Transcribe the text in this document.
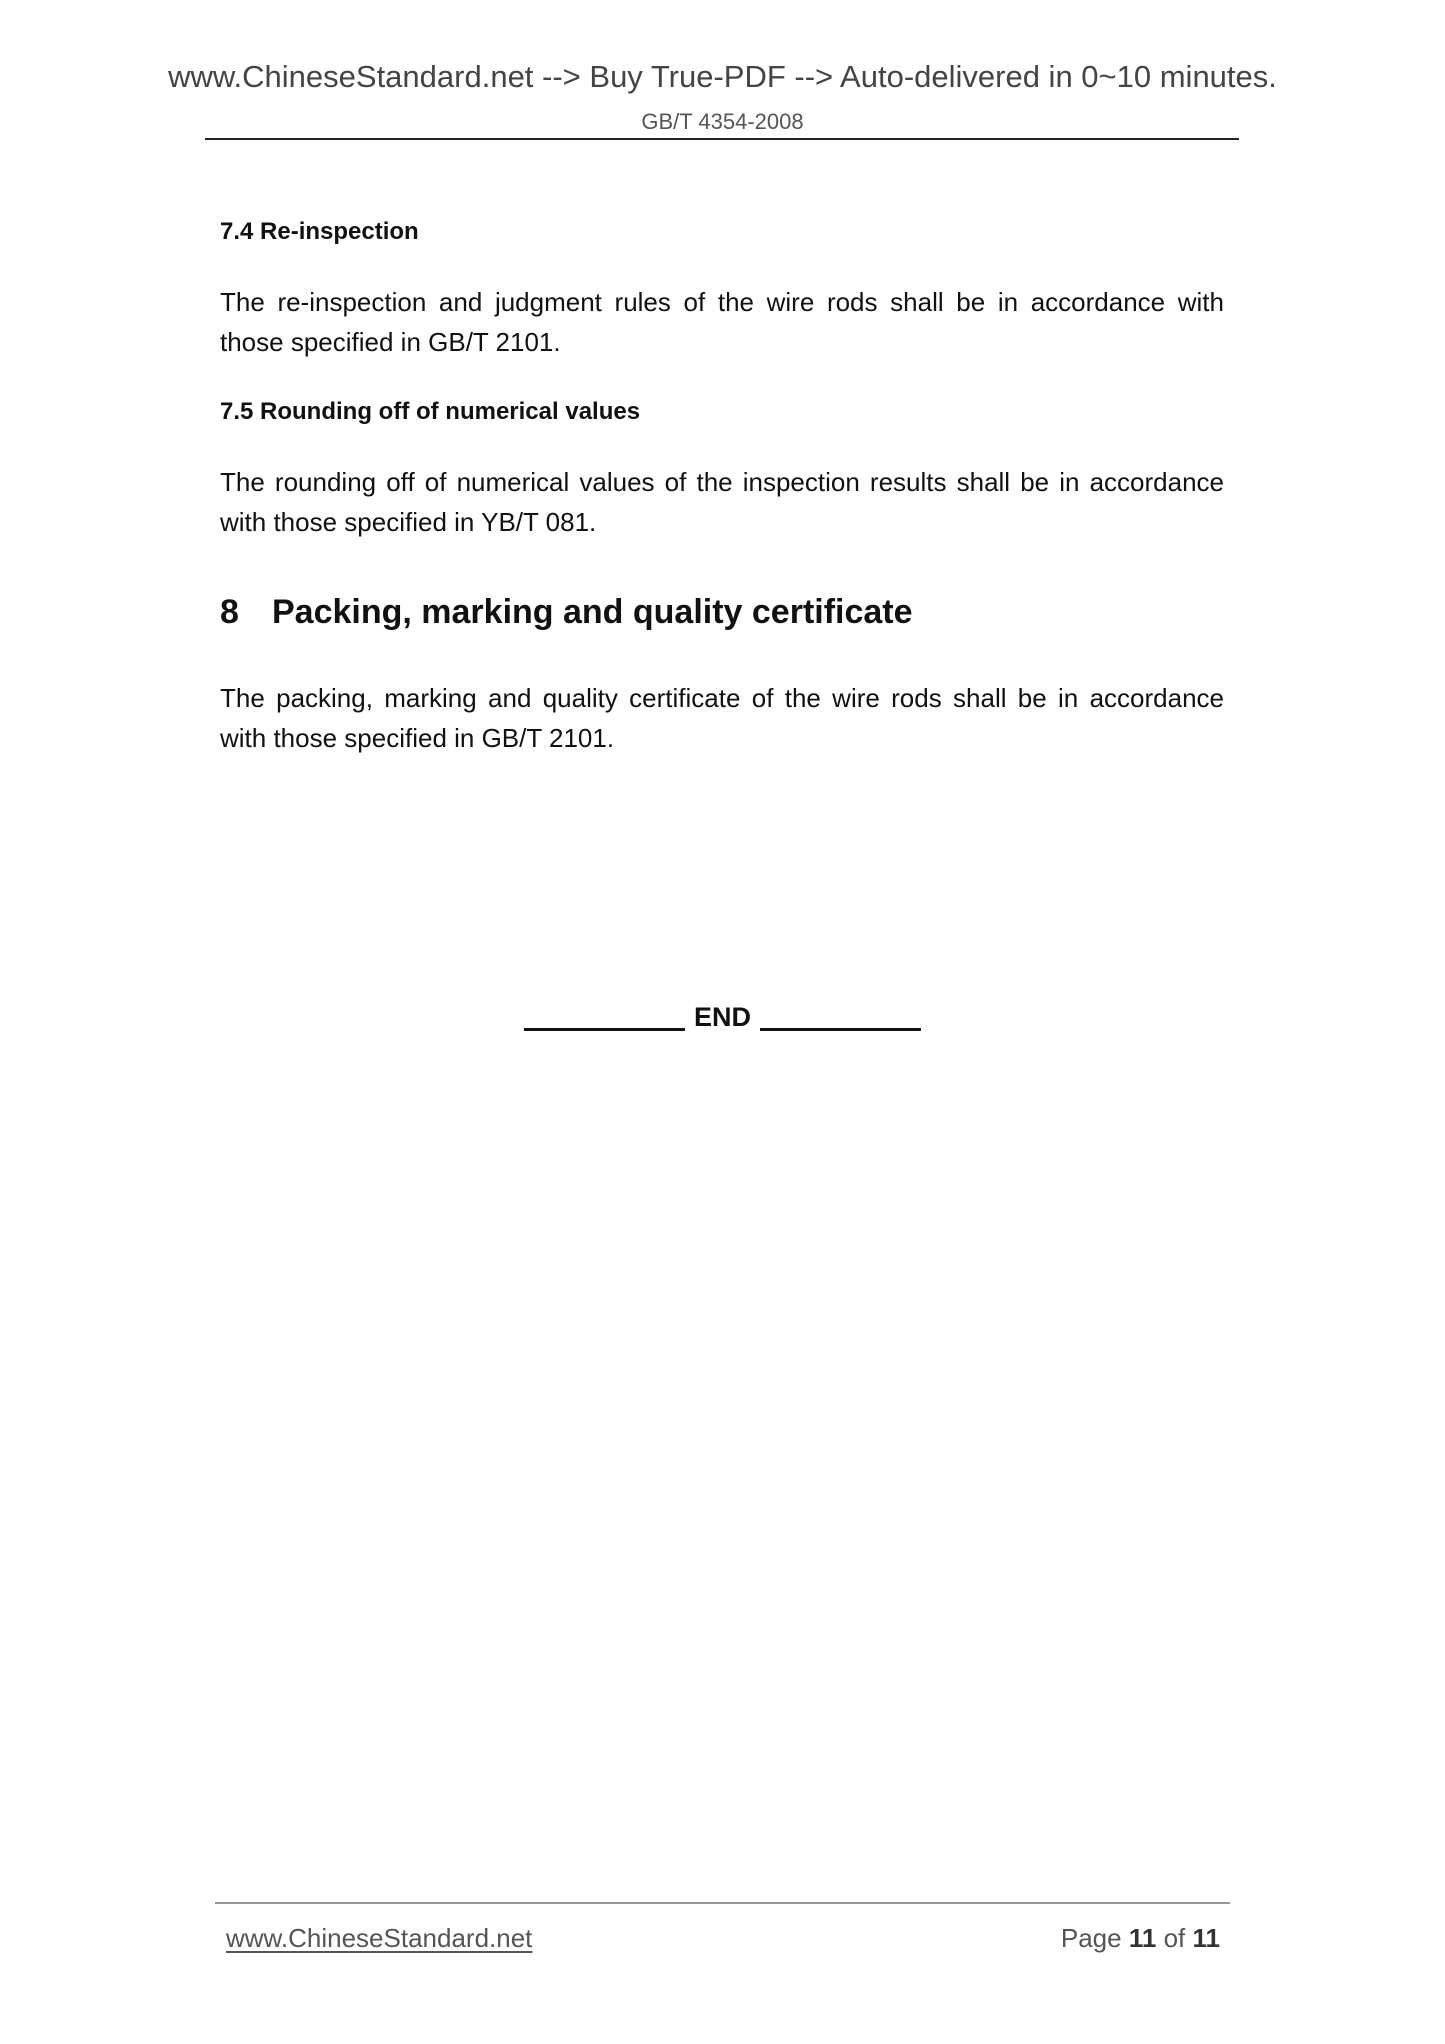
www.ChineseStandard.net --> Buy True-PDF --> Auto-delivered in 0~10 minutes.
GB/T 4354-2008
7.4 Re-inspection
The re-inspection and judgment rules of the wire rods shall be in accordance with those specified in GB/T 2101.
7.5 Rounding off of numerical values
The rounding off of numerical values of the inspection results shall be in accordance with those specified in YB/T 081.
8 Packing, marking and quality certificate
The packing, marking and quality certificate of the wire rods shall be in accordance with those specified in GB/T 2101.
END
www.ChineseStandard.net	Page 11 of 11
